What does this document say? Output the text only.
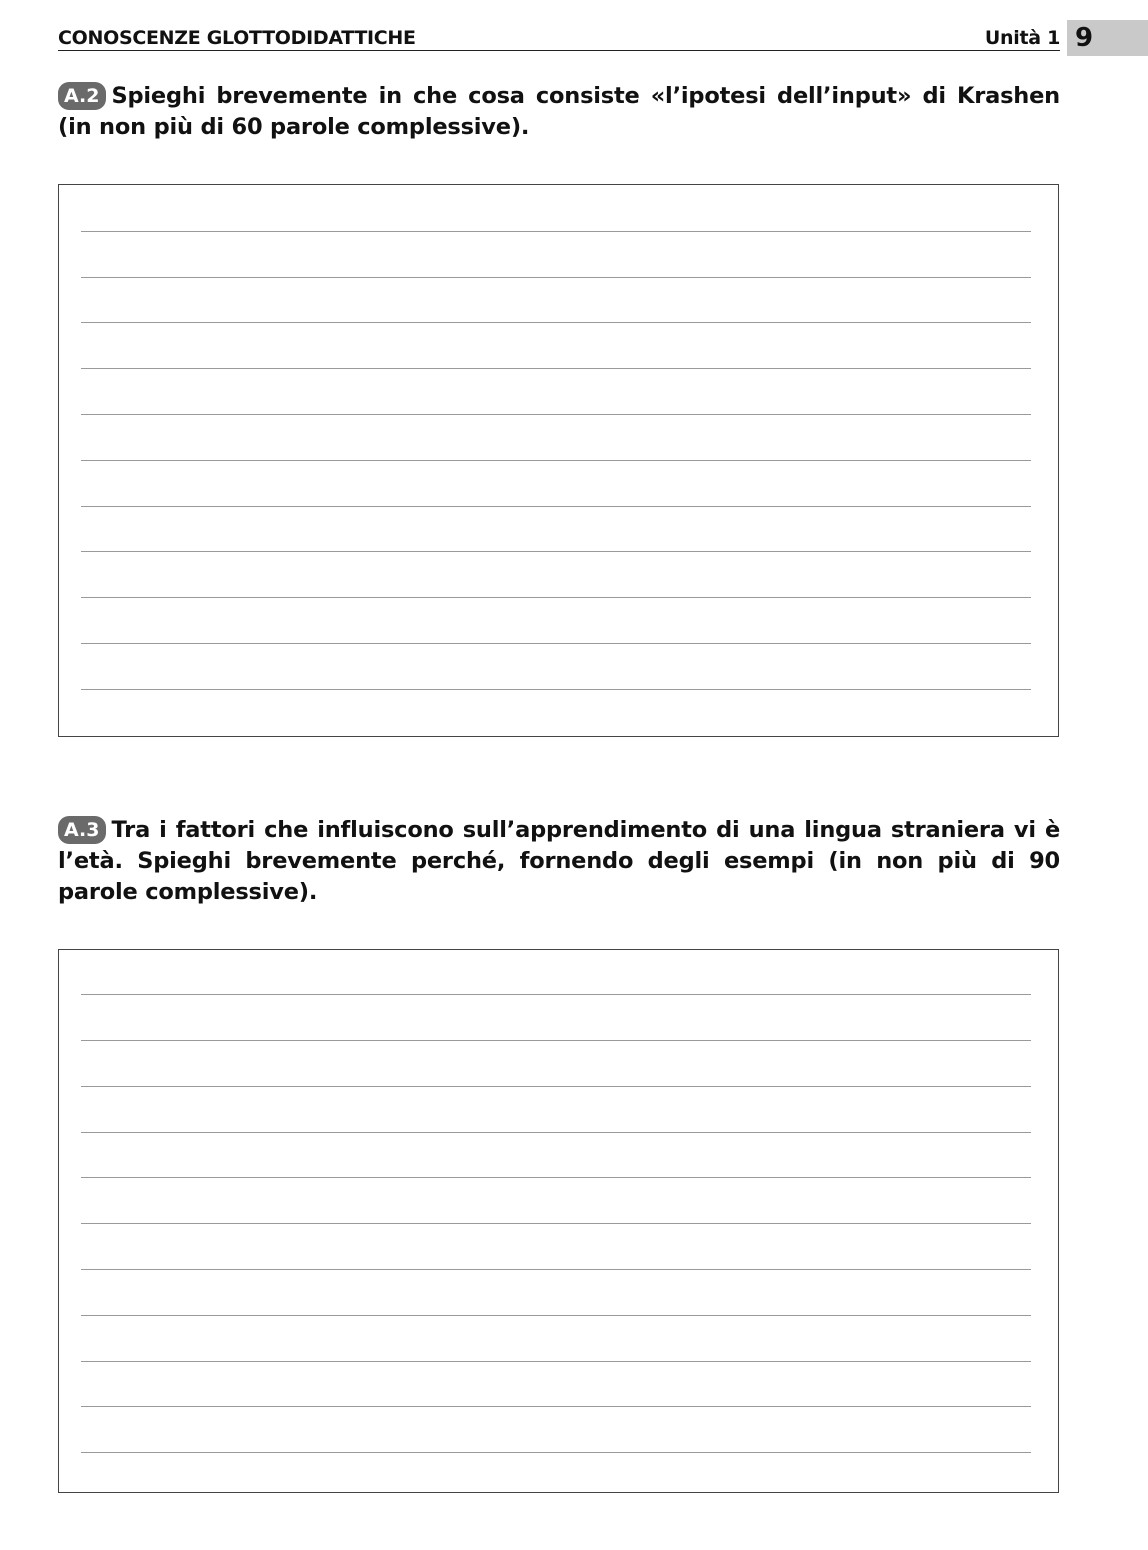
CONOSCENZE GLOTTODIDATTICHE	Unità 1 9
A.2 Spieghi brevemente in che cosa consiste «l’ipotesi dell’input» di Krashen (in non più di 60 parole complessive).
A.3 Tra i fattori che influiscono sull’apprendimento di una lingua straniera vi è l’età. Spieghi brevemente perché, fornendo degli esempi (in non più di 90 parole complessive).
